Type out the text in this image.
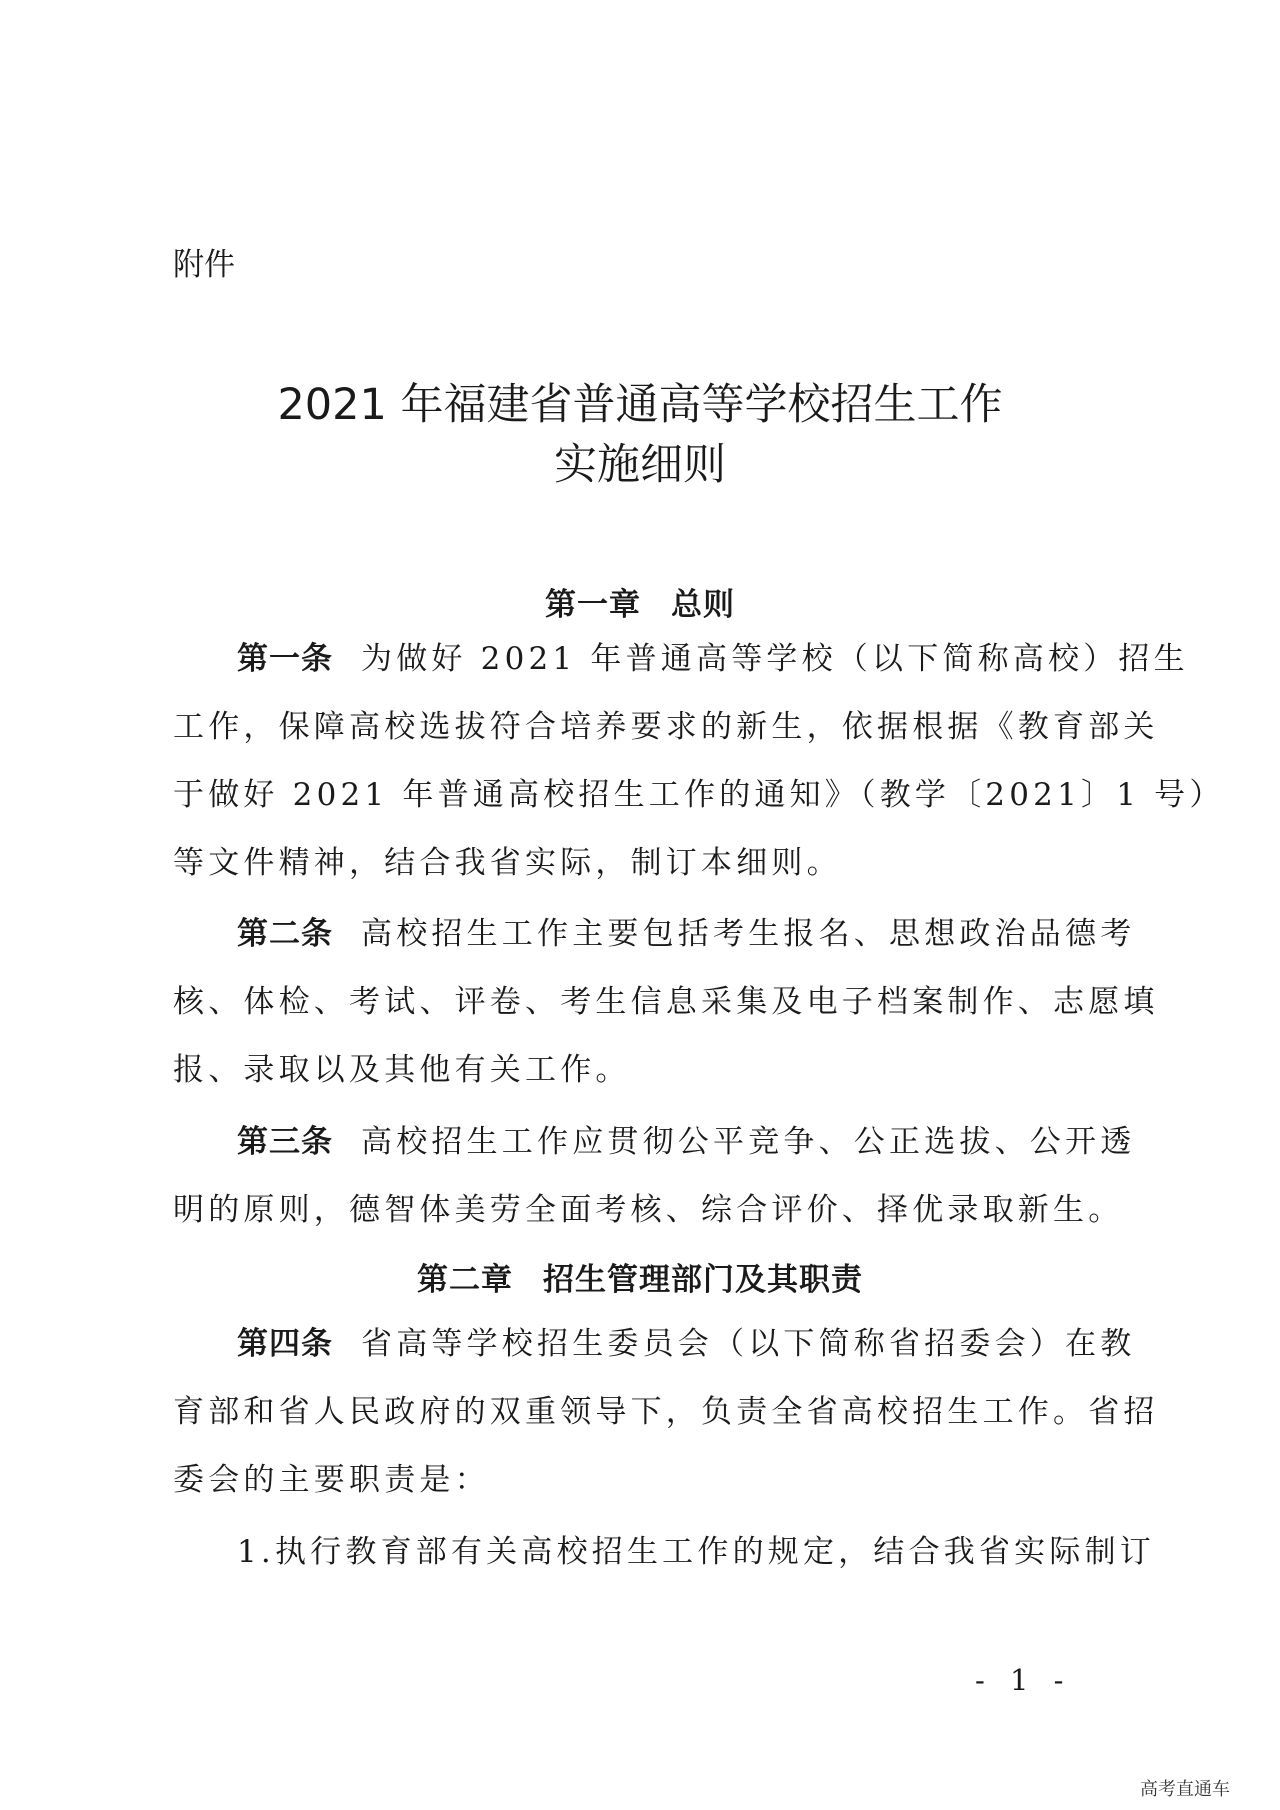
附件
2021 年福建省普通高等学校招生工作
实施细则
第一章 总则
第一条 为做好 2021 年普通高等学校（以下简称高校）招生
工作，保障高校选拔符合培养要求的新生，依据根据《教育部关
于做好 2021 年普通高校招生工作的通知》（教学〔2021〕1 号）
等文件精神，结合我省实际，制订本细则。
第二条 高校招生工作主要包括考生报名、思想政治品德考
核、体检、考试、评卷、考生信息采集及电子档案制作、志愿填
报、录取以及其他有关工作。
第三条 高校招生工作应贯彻公平竞争、公正选拔、公开透
明的原则，德智体美劳全面考核、综合评价、择优录取新生。
第二章 招生管理部门及其职责
第四条 省高等学校招生委员会（以下简称省招委会）在教
育部和省人民政府的双重领导下，负责全省高校招生工作。省招
委会的主要职责是：
1.执行教育部有关高校招生工作的规定，结合我省实际制订
- 1 -
高考直通车
